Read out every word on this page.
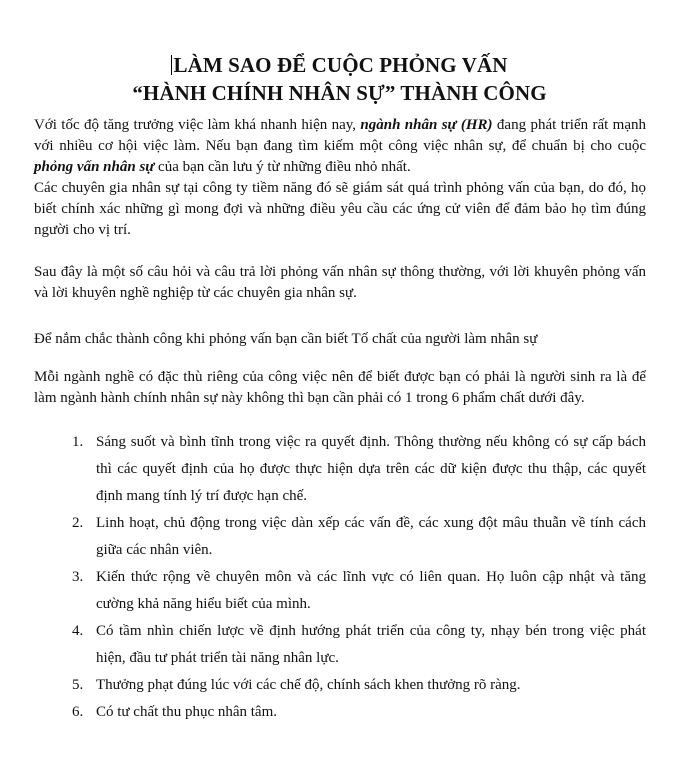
LÀM SAO ĐỂ CUỘC PHỎNG VẤN
“HÀNH CHÍNH NHÂN SỰ” THÀNH CÔNG

Với tốc độ tăng trưởng việc làm khá nhanh hiện nay, ngành nhân sự (HR) đang phát triển rất mạnh với nhiều cơ hội việc làm. Nếu bạn đang tìm kiếm một công việc nhân sự, để chuẩn bị cho cuộc phỏng vấn nhân sự của bạn cần lưu ý từ những điều nhỏ nhất.

Các chuyên gia nhân sự tại công ty tiềm năng đó sẽ giám sát quá trình phỏng vấn của bạn, do đó, họ biết chính xác những gì mong đợi và những điều yêu cầu các ứng cử viên để đảm bảo họ tìm đúng người cho vị trí.

Sau đây là một số câu hỏi và câu trả lời phỏng vấn nhân sự thông thường, với lời khuyên phỏng vấn và lời khuyên nghề nghiệp từ các chuyên gia nhân sự.

Để nắm chắc thành công khi phỏng vấn bạn cần biết Tố chất của người làm nhân sự

Mỗi ngành nghề có đặc thù riêng của công việc nên để biết được bạn có phải là người sinh ra là để làm ngành hành chính nhân sự này không thì bạn cần phải có 1 trong 6 phẩm chất dưới đây.

1. Sáng suốt và bình tĩnh trong việc ra quyết định. Thông thường nếu không có sự cấp bách thì các quyết định của họ được thực hiện dựa trên các dữ kiện được thu thập, các quyết định mang tính lý trí được hạn chế.
2. Linh hoạt, chủ động trong việc dàn xếp các vấn đề, các xung đột mâu thuẫn về tính cách giữa các nhân viên.
3. Kiến thức rộng về chuyên môn và các lĩnh vực có liên quan. Họ luôn cập nhật và tăng cường khả năng hiểu biết của mình.
4. Có tầm nhìn chiến lược về định hướng phát triển của công ty, nhạy bén trong việc phát hiện, đầu tư phát triển tài năng nhân lực.
5. Thưởng phạt đúng lúc với các chế độ, chính sách khen thưởng rõ ràng.
6. Có tư chất thu phục nhân tâm.
